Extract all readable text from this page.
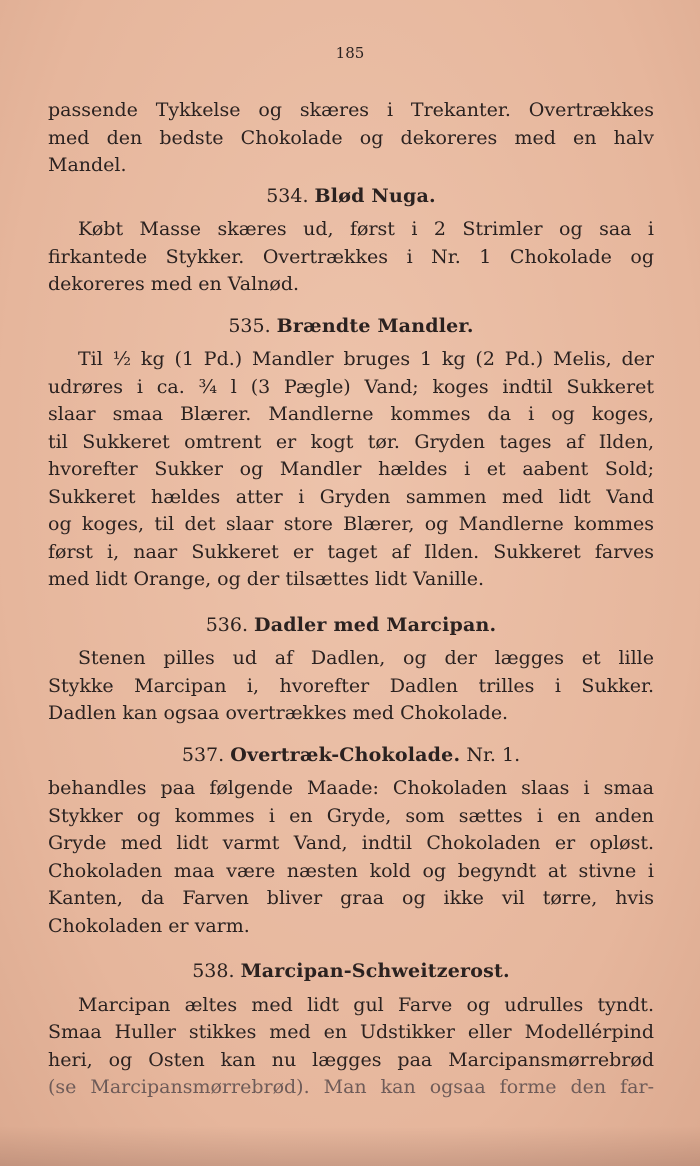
185

passende Tykkelse og skæres i Trekanter. Overtrækkes
med den bedste Chokolade og dekoreres med en halv
Mandel.
534. Blød Nuga.
Købt Masse skæres ud, først i 2 Strimler og saa i
firkantede Stykker. Overtrækkes i Nr. 1 Chokolade og
dekoreres med en Valnød.
535. Brændte Mandler.
Til ½ kg (1 Pd.) Mandler bruges 1 kg (2 Pd.) Melis, der
udrøres i ca. ¾ l (3 Pægle) Vand; koges indtil Sukkeret
slaar smaa Blærer. Mandlerne kommes da i og koges,
til Sukkeret omtrent er kogt tør. Gryden tages af Ilden,
hvorefter Sukker og Mandler hældes i et aabent Sold;
Sukkeret hældes atter i Gryden sammen med lidt Vand
og koges, til det slaar store Blærer, og Mandlerne kommes
først i, naar Sukkeret er taget af Ilden. Sukkeret farves
med lidt Orange, og der tilsættes lidt Vanille.
536. Dadler med Marcipan.
Stenen pilles ud af Dadlen, og der lægges et lille
Stykke Marcipan i, hvorefter Dadlen trilles i Sukker.
Dadlen kan ogsaa overtrækkes med Chokolade.
537. Overtræk-Chokolade. Nr. 1.
behandles paa følgende Maade: Chokoladen slaas i smaa
Stykker og kommes i en Gryde, som sættes i en anden
Gryde med lidt varmt Vand, indtil Chokoladen er opløst.
Chokoladen maa være næsten kold og begyndt at stivne i
Kanten, da Farven bliver graa og ikke vil tørre, hvis
Chokoladen er varm.
538. Marcipan-Schweitzerost.
Marcipan æltes med lidt gul Farve og udrulles tyndt.
Smaa Huller stikkes med en Udstikker eller Modellérpind
heri, og Osten kan nu lægges paa Marcipansmørrebrød
(se Marcipansmørrebrød). Man kan ogsaa forme den far-
